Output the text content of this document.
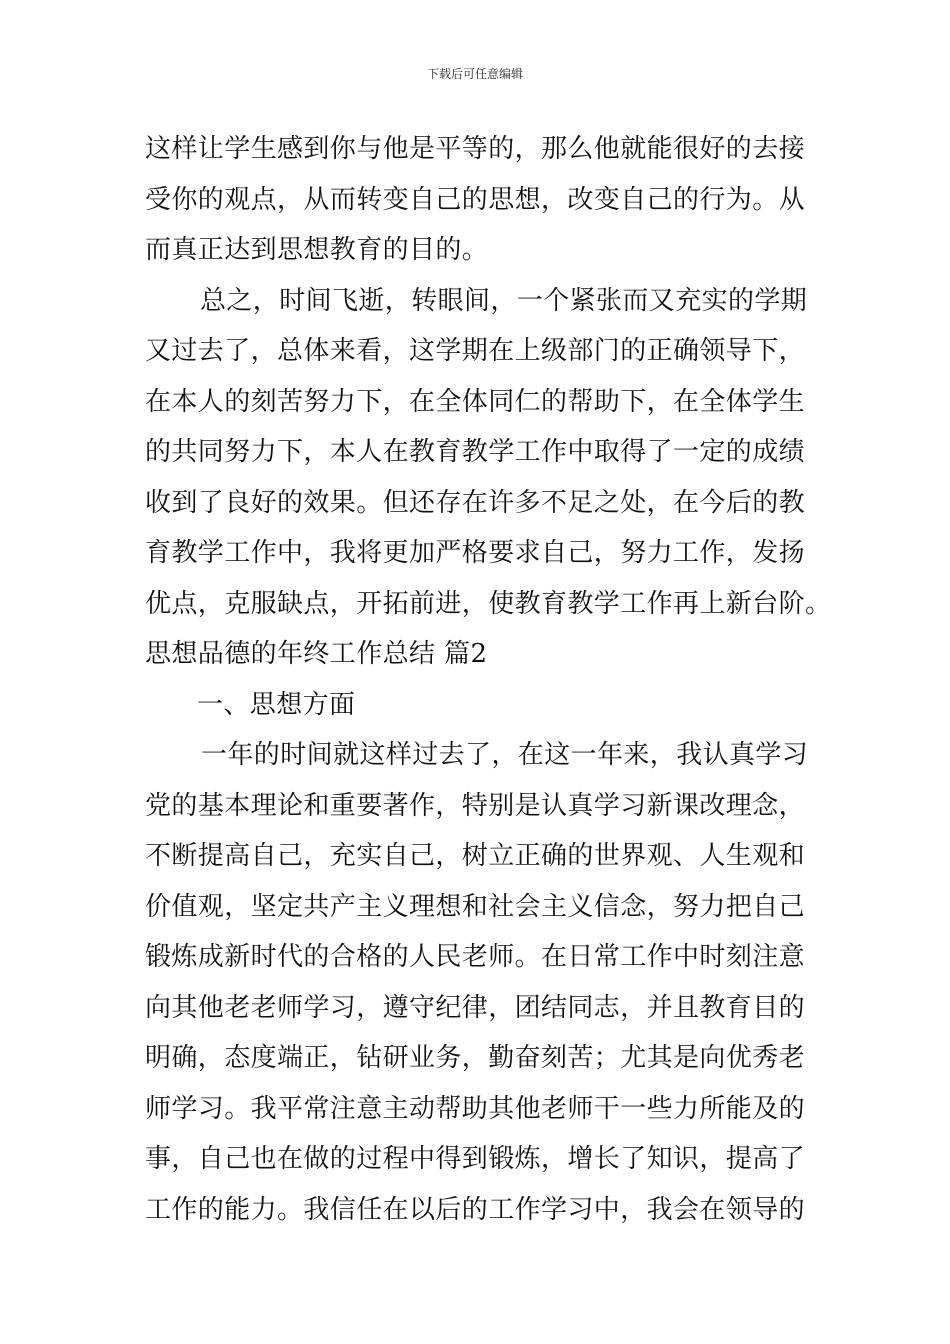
下载后可任意编辑
这样让学生感到你与他是平等的，那么他就能很好的去接
受你的观点，从而转变自己的思想，改变自己的行为。从
而真正达到思想教育的目的。
总之，时间飞逝，转眼间，一个紧张而又充实的学期
又过去了，总体来看，这学期在上级部门的正确领导下，
在本人的刻苦努力下，在全体同仁的帮助下，在全体学生
的共同努力下，本人在教育教学工作中取得了一定的成绩
收到了良好的效果。但还存在许多不足之处，在今后的教
育教学工作中，我将更加严格要求自己，努力工作，发扬
优点，克服缺点，开拓前进，使教育教学工作再上新台阶。
思想品德的年终工作总结 篇2
一、思想方面
一年的时间就这样过去了，在这一年来，我认真学习
党的基本理论和重要著作，特别是认真学习新课改理念，
不断提高自己，充实自己，树立正确的世界观、人生观和
价值观，坚定共产主义理想和社会主义信念，努力把自己
锻炼成新时代的合格的人民老师。在日常工作中时刻注意
向其他老老师学习，遵守纪律，团结同志，并且教育目的
明确，态度端正，钻研业务，勤奋刻苦；尤其是向优秀老
师学习。我平常注意主动帮助其他老师干一些力所能及的
事，自己也在做的过程中得到锻炼，增长了知识，提高了
工作的能力。我信任在以后的工作学习中，我会在领导的
